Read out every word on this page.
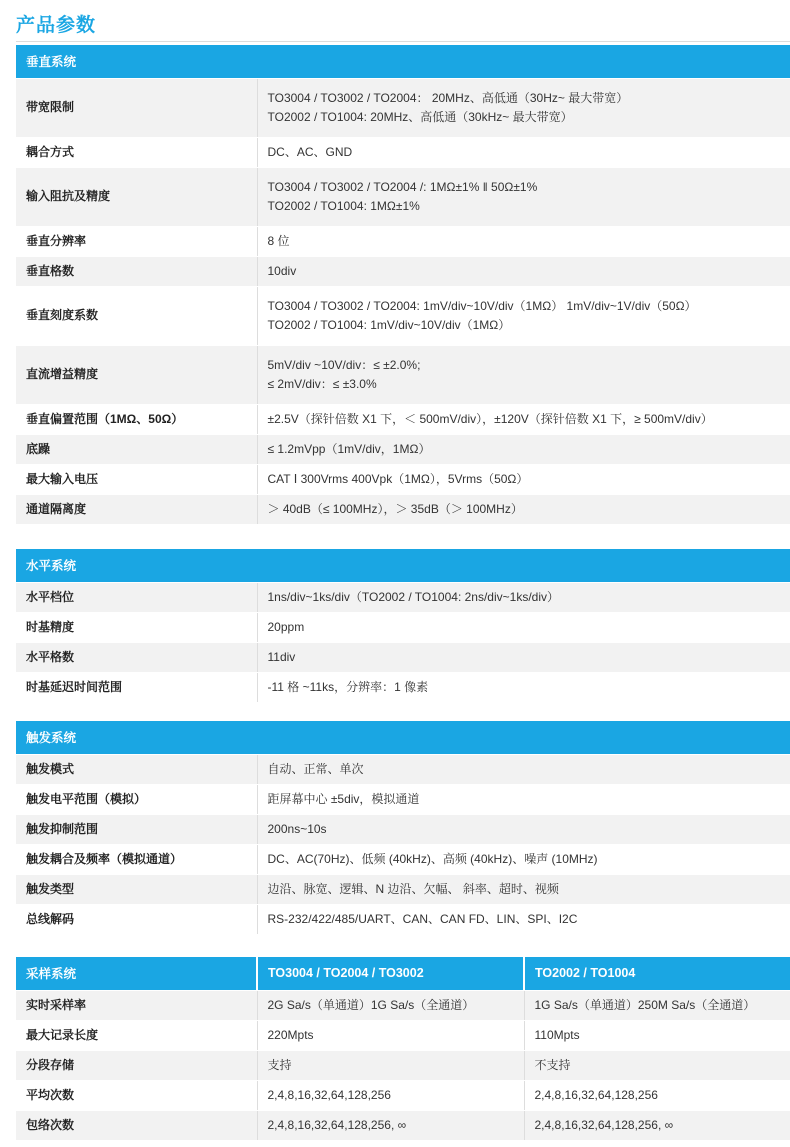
产品参数
垂直系统	
带宽限制	TO3004 / TO3002 / TO2004： 20MHz、高低通（30Hz~ 最大带宽）
TO2002 / TO1004: 20MHz、高低通（30kHz~ 最大带宽）

耦合方式	DC、AC、GND

输入阻抗及精度	TO3004 / TO3002 / TO2004 /: 1MΩ±1% ‖ 50Ω±1%
TO2002 / TO1004: 1MΩ±1%

垂直分辨率	8 位

垂直格数	10div

垂直刻度系数	TO3004 / TO3002 / TO2004: 1mV/div~10V/div（1MΩ） 1mV/div~1V/div（50Ω）
TO2002 / TO1004: 1mV/div~10V/div（1MΩ）

直流增益精度	5mV/div ~10V/div：≤ ±2.0%;
≤ 2mV/div：≤ ±3.0%

垂直偏置范围（1MΩ、50Ω）	±2.5V（探针倍数 X1 下，＜ 500mV/div），±120V（探针倍数 X1 下，≥ 500mV/div）

底躁	≤ 1.2mVpp（1mV/div，1MΩ）

最大输入电压	CAT Ⅰ 300Vrms 400Vpk（1MΩ），5Vrms（50Ω）

通道隔离度	＞ 40dB（≤ 100MHz），＞ 35dB（＞ 100MHz）
水平系统	
水平档位	1ns/div~1ks/div（TO2002 / TO1004: 2ns/div~1ks/div）

时基精度	20ppm

水平格数	11div

时基延迟时间范围	-11 格 ~11ks，分辨率：1 像素
触发系统	
触发模式	自动、正常、单次

触发电平范围（模拟）	距屏幕中心 ±5div，模拟通道

触发抑制范围	200ns~10s

触发耦合及频率（模拟通道）	DC、AC(70Hz)、低频 (40kHz)、高频 (40kHz)、噪声 (10MHz)

触发类型	边沿、脉宽、逻辑、N 边沿、欠幅、 斜率、超时、视频

总线解码	RS-232/422/485/UART、CAN、CAN FD、LIN、SPI、I2C
采样系统	TO3004 / TO2004 / TO3002	TO2002 / TO1004
实时采样率	2G Sa/s（单通道）1G Sa/s（全通道）	1G Sa/s（单通道）250M Sa/s（全通道）
最大记录长度	220Mpts	110Mpts
分段存储	支持	不支持
平均次数	2,4,8,16,32,64,128,256	2,4,8,16,32,64,128,256
包络次数	2,4,8,16,32,64,128,256, ∞	2,4,8,16,32,64,128,256, ∞
